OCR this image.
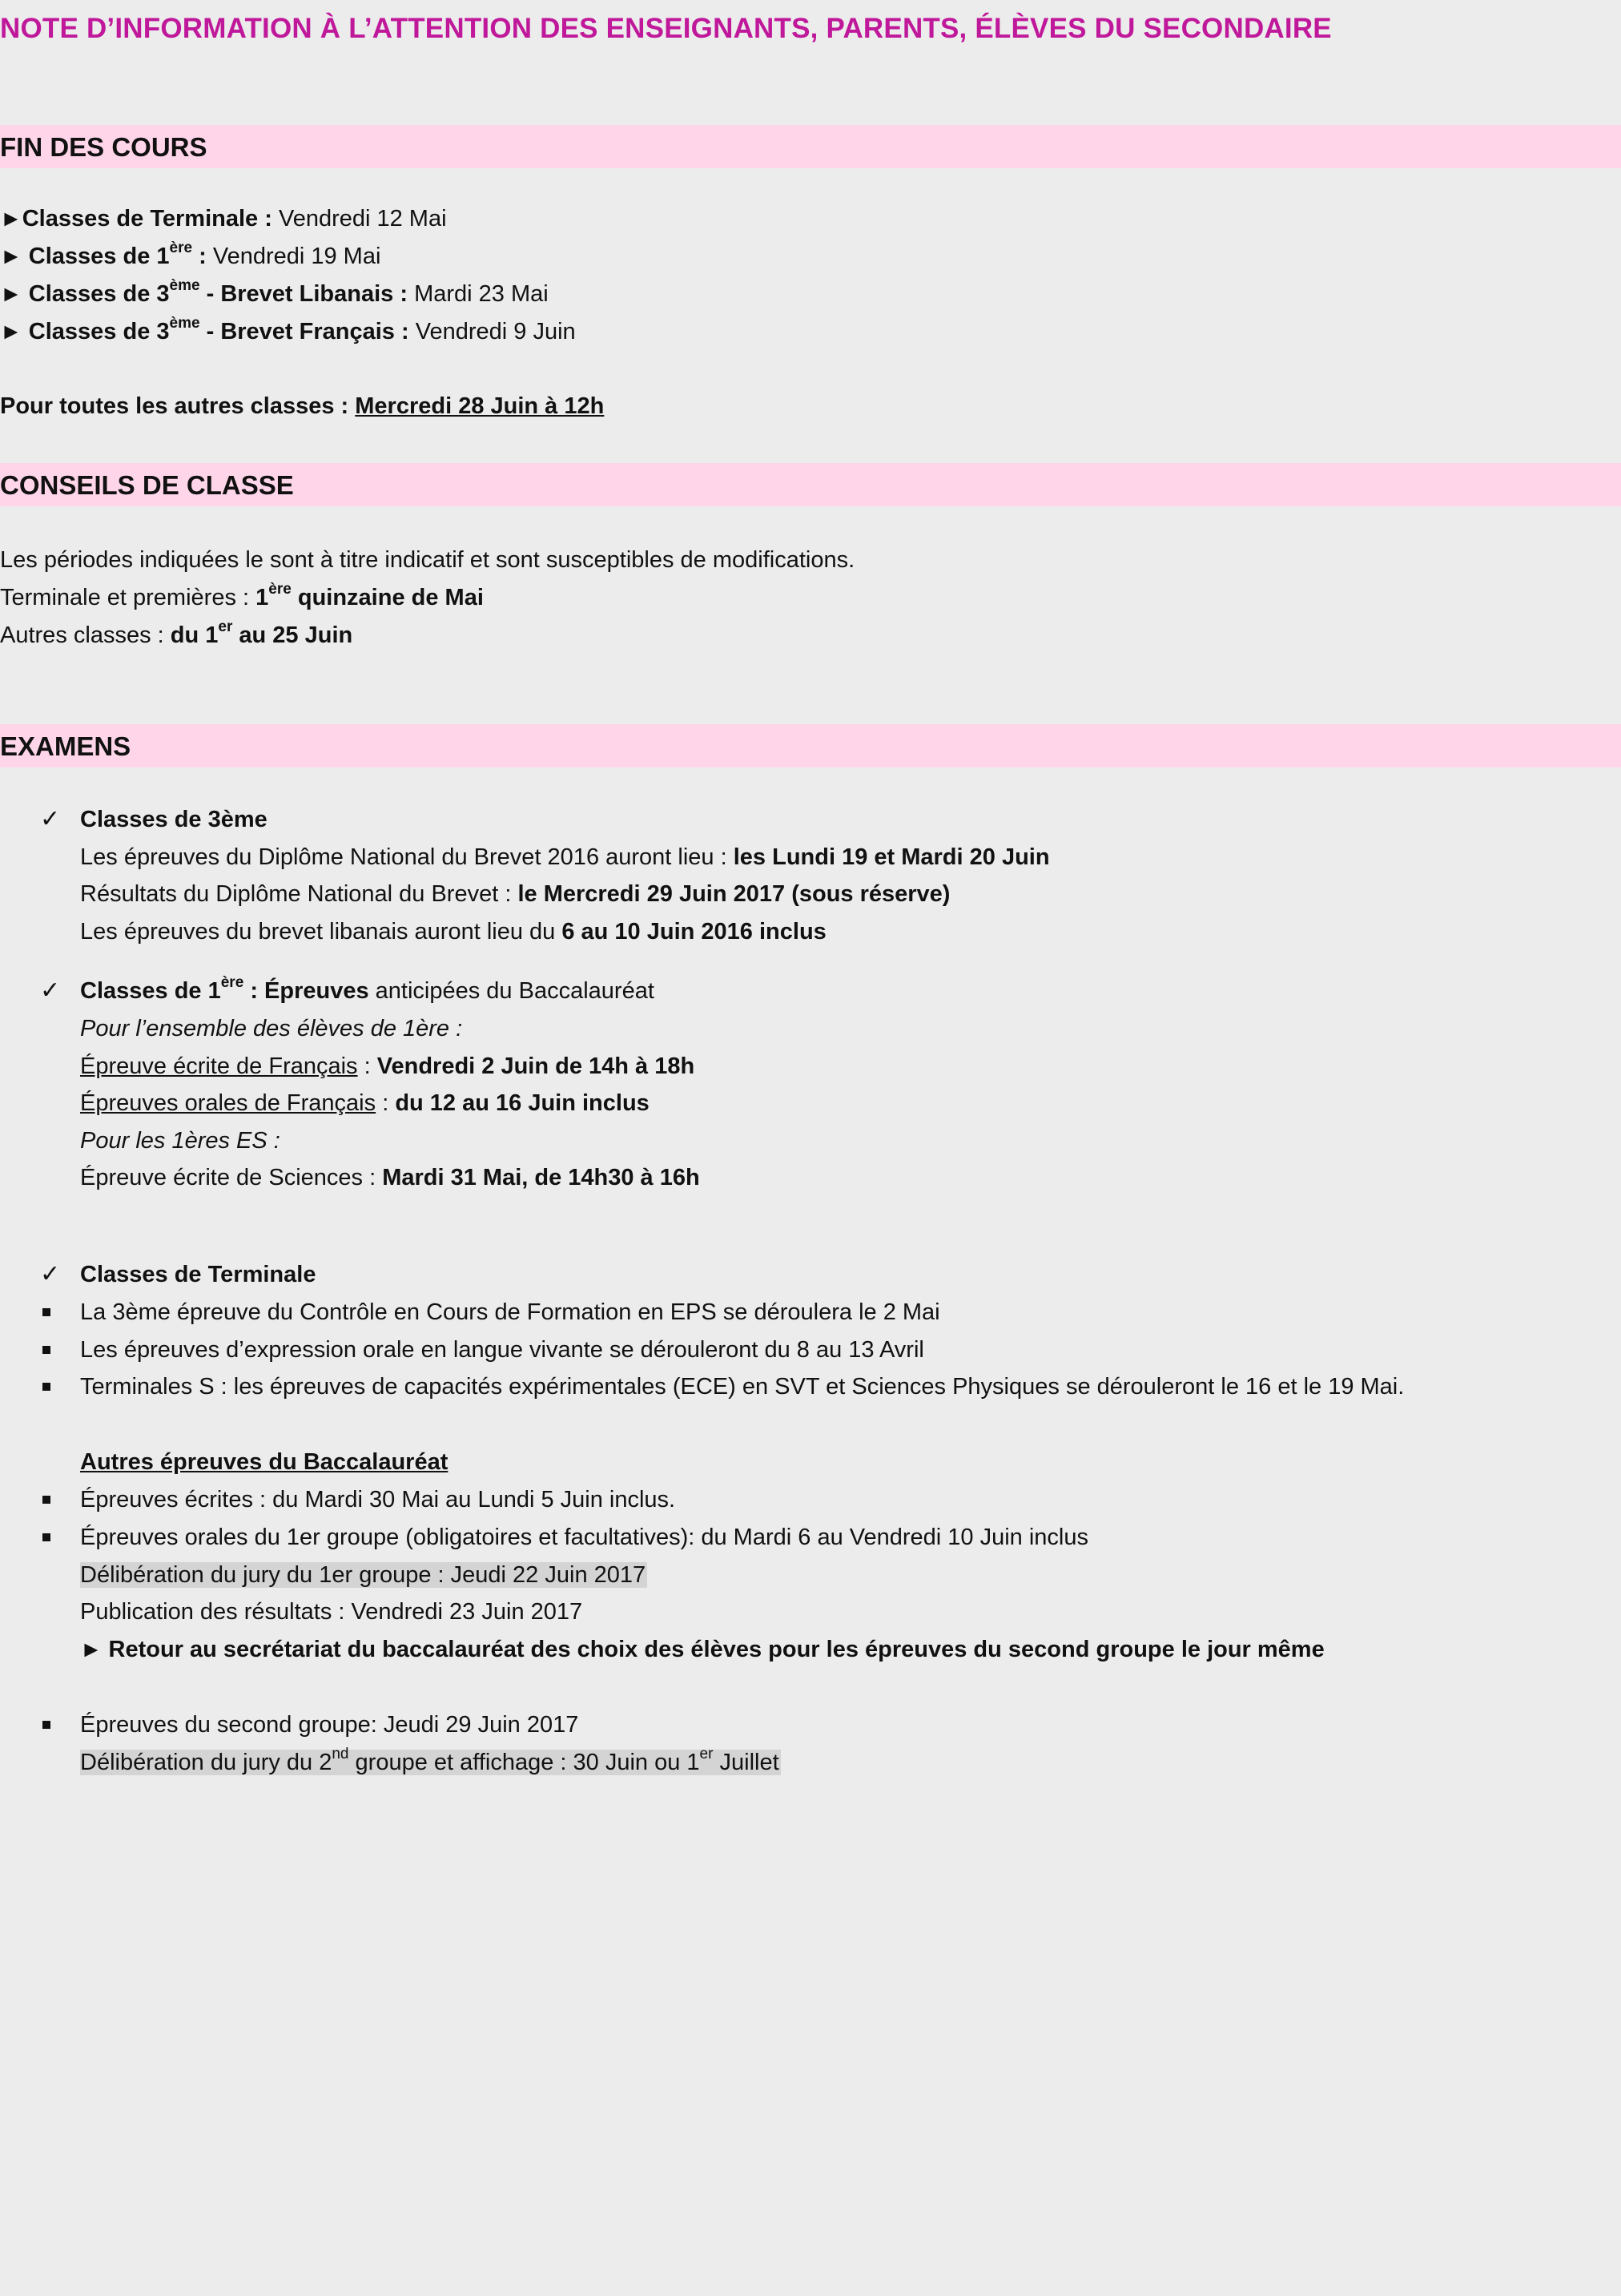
NOTE D’INFORMATION À L’ATTENTION DES ENSEIGNANTS, PARENTS, ÉLÈVES DU SECONDAIRE
FIN DES COURS
►Classes de Terminale : Vendredi 12 Mai
► Classes de 1ère : Vendredi 19 Mai
► Classes de 3ème - Brevet Libanais : Mardi 23 Mai
► Classes de 3ème - Brevet Français : Vendredi 9 Juin
Pour toutes les autres classes : Mercredi 28 Juin à 12h
CONSEILS DE CLASSE
Les périodes indiquées le sont à titre indicatif et sont susceptibles de modifications.
Terminale et premières : 1ère quinzaine de Mai
Autres classes : du 1er au 25 Juin
EXAMENS
✓ Classes de 3ème
Les épreuves du Diplôme National du Brevet 2016 auront lieu : les Lundi 19 et Mardi 20 Juin
Résultats du Diplôme National du Brevet : le Mercredi 29 Juin 2017 (sous réserve)
Les épreuves du brevet libanais auront lieu du 6 au 10 Juin 2016 inclus
✓ Classes de 1ère : Épreuves anticipées du Baccalauréat
Pour l’ensemble des élèves de 1ère :
Épreuve écrite de Français : Vendredi 2 Juin de 14h à 18h
Épreuves orales de Français : du 12 au 16 Juin inclus
Pour les 1ères ES :
Épreuve écrite de Sciences : Mardi 31 Mai, de 14h30 à 16h
✓ Classes de Terminale
La 3ème épreuve du Contrôle en Cours de Formation en EPS se déroulera le 2 Mai
Les épreuves d’expression orale en langue vivante se dérouleront du 8 au 13 Avril
Terminales S : les épreuves de capacités expérimentales (ECE) en SVT et Sciences Physiques se dérouleront le 16 et le 19 Mai.
Autres épreuves du Baccalauréat
Épreuves écrites : du Mardi 30 Mai au Lundi 5 Juin inclus.
Épreuves orales du 1er groupe (obligatoires et facultatives): du Mardi 6 au Vendredi 10 Juin inclus
Délibération du jury du 1er groupe : Jeudi 22 Juin 2017
Publication des résultats : Vendredi 23 Juin 2017
► Retour au secrétariat du baccalauréat des choix des élèves pour les épreuves du second groupe le jour même
Épreuves du second groupe: Jeudi 29 Juin 2017
Délibération du jury du 2nd groupe et affichage : 30 Juin ou 1er Juillet
